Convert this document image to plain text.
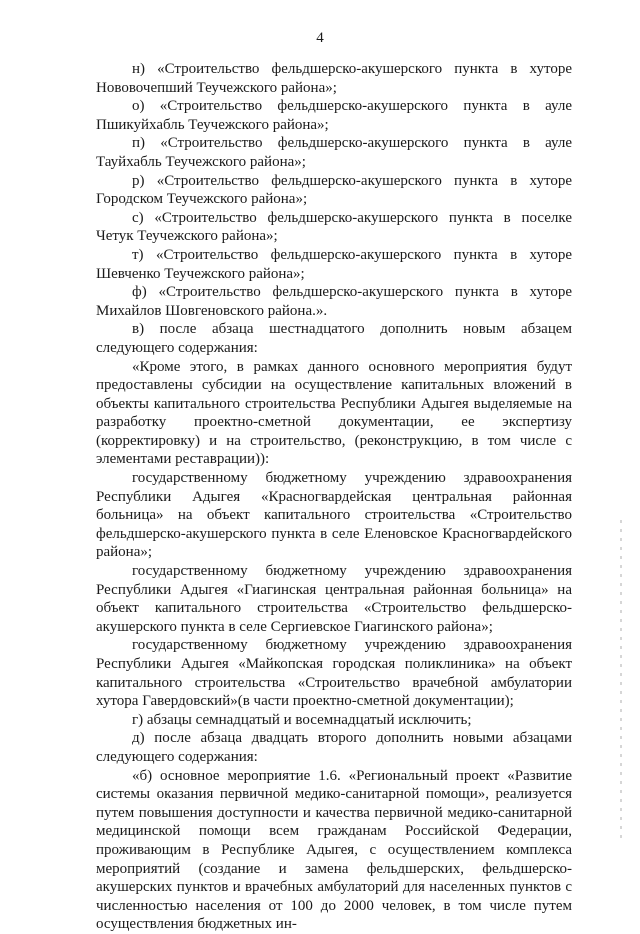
4

н) «Строительство фельдшерско-акушерского пункта в хуторе Нововочепший Теучежского района»;

о) «Строительство фельдшерско-акушерского пункта в ауле Пшикуйхабль Теучежского района»;

п) «Строительство фельдшерско-акушерского пункта в ауле Тауйхабль Теучежского района»;

р) «Строительство фельдшерско-акушерского пункта в хуторе Городском Теучежского района»;

с) «Строительство фельдшерско-акушерского пункта в поселке Четук Теучежского района»;

т) «Строительство фельдшерско-акушерского пункта в хуторе Шевченко Теучежского района»;

ф) «Строительство фельдшерско-акушерского пункта в хуторе Михайлов Шовгеновского района.».

в) после абзаца шестнадцатого дополнить новым абзацем следующего содержания:

«Кроме этого, в рамках данного основного мероприятия будут предоставлены субсидии на осуществление капитальных вложений в объекты капитального строительства Республики Адыгея выделяемые на разработку проектно-сметной документации, ее экспертизу (корректировку) и на строительство, (реконструкцию, в том числе с элементами реставрации)):

государственному бюджетному учреждению здравоохранения Республики Адыгея «Красногвардейская центральная районная больница» на объект капитального строительства «Строительство фельдшерско-акушерского пункта в селе Еленовское Красногвардейского района»;

государственному бюджетному учреждению здравоохранения Республики Адыгея «Гиагинская центральная районная больница» на объект капитального строительства «Строительство фельдшерско-акушерского пункта в селе Сергиевское Гиагинского района»;

государственному бюджетному учреждению здравоохранения Республики Адыгея «Майкопская городская поликлиника» на объект капитального строительства «Строительство врачебной амбулатории хутора Гавердовский»(в части проектно-сметной документации);

г) абзацы семнадцатый и восемнадцатый исключить;

д) после абзаца двадцать второго дополнить новыми абзацами следующего содержания:

«б) основное мероприятие 1.6. «Региональный проект «Развитие системы оказания первичной медико-санитарной помощи», реализуется путем повышения доступности и качества первичной медико-санитарной медицинской помощи всем гражданам Российской Федерации, проживающим в Республике Адыгея, с осуществлением комплекса мероприятий (создание и замена фельдшерских, фельдшерско-акушерских пунктов и врачебных амбулаторий для населенных пунктов с численностью населения от 100 до 2000 человек, в том числе путем осуществления бюджетных ин-
